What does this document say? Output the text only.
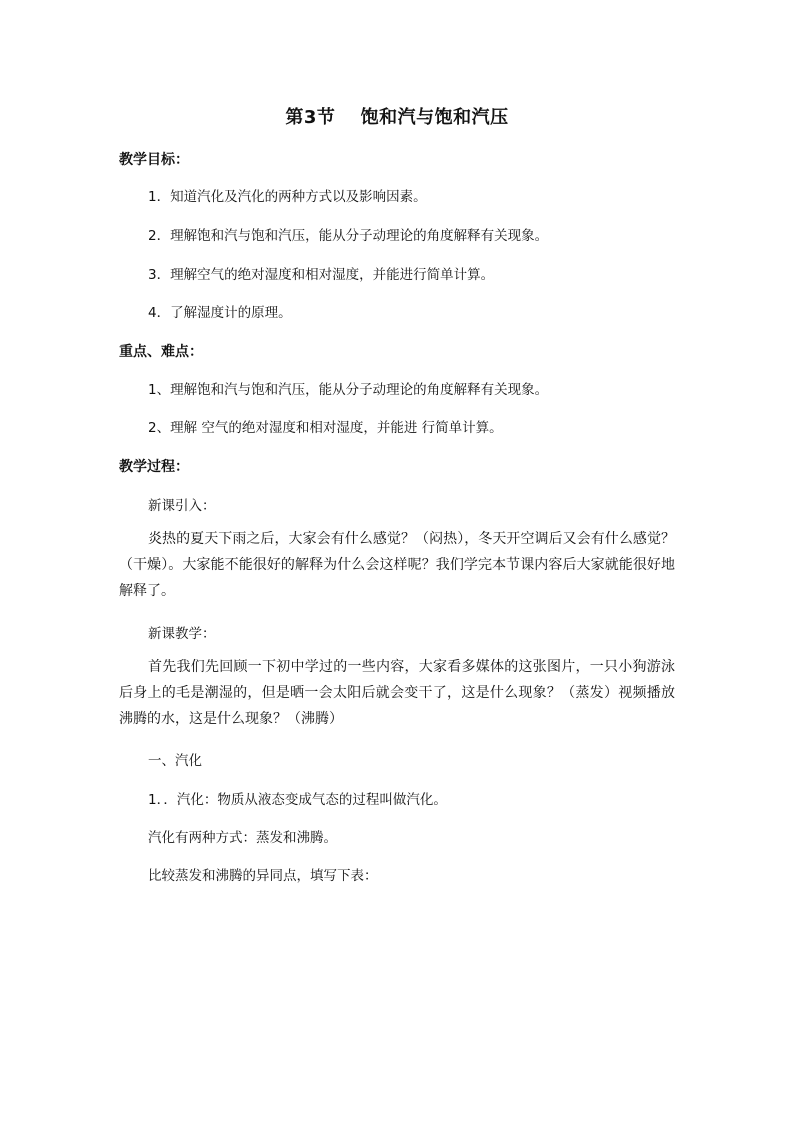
第3节　 饱和汽与饱和汽压
教学目标：
1．知道汽化及汽化的两种方式以及影响因素。
2．理解饱和汽与饱和汽压，能从分子动理论的角度解释有关现象。
3．理解空气的绝对湿度和相对湿度，并能进行简单计算。
4．了解湿度计的原理。
重点、难点：
1、理解饱和汽与饱和汽压，能从分子动理论的角度解释有关现象。
2、理解 空气的绝对湿度和相对湿度，并能进 行简单计算。
教学过程：
新课引入：
炎热的夏天下雨之后，大家会有什么感觉？（闷热），冬天开空调后又会有什么感觉？（干燥）。大家能不能很好的解释为什么会这样呢？我们学完本节课内容后大家就能很好地解释了。
新课教学：
首先我们先回顾一下初中学过的一些内容，大家看多媒体的这张图片，一只小狗游泳后身上的毛是潮湿的，但是晒一会太阳后就会变干了，这是什么现象？（蒸发）视频播放沸腾的水，这是什么现象？（沸腾）
一、汽化
1．．汽化：物质从液态变成气态的过程叫做汽化。
汽化有两种方式：蒸发和沸腾。
比较蒸发和沸腾的异同点，填写下表：
